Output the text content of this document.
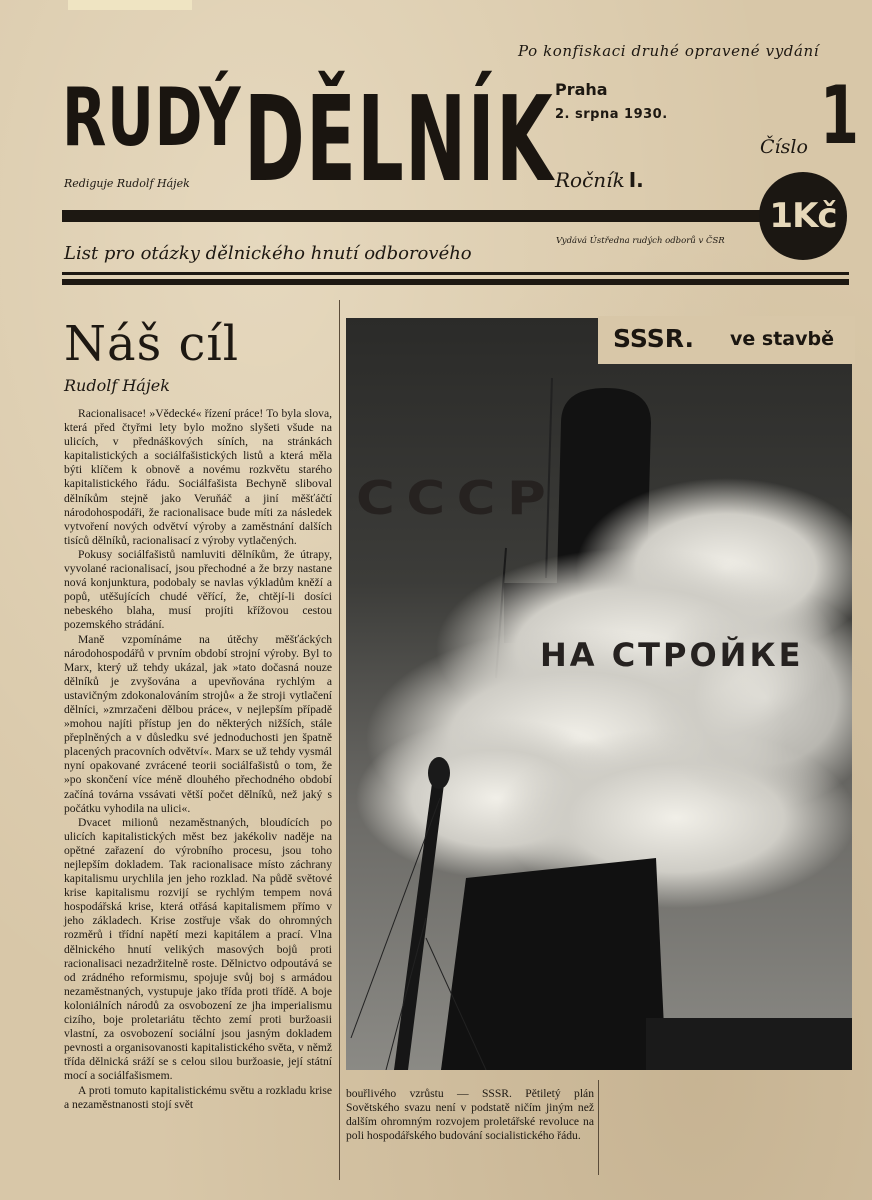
Po konfiskaci druhé opravené vydání
RUDÝ DĚLNÍK
Rediguje Rudolf Hájek
Praha
2. srpna 1930.
Ročník I.
Číslo 1
1Kč
List pro otázky dělnického hnutí odborového
Vydává Ústředna rudých odborů v ČSR
Náš cíl
Rudolf Hájek

Racionalisace! »Vědecké« řízení práce! To byla slova, která před čtyřmi lety bylo možno slyšeti všude na ulicích, v přednáškových síních, na stránkách kapitalistických a sociálfašistických listů a která měla býti klíčem k obnově a novému rozkvětu starého kapitalistického řádu. Sociálfašista Bechyně sliboval dělníkům stejně jako Veruňáč a jiní měšťáčtí národohospodáři, že racionalisace bude míti za následek vytvoření nových odvětví výroby a zaměstnání dalších tisíců dělníků, racionalisací z výroby vytlačených.

Pokusy sociálfašistů namluviti dělníkům, že útrapy, vyvolané racionalisací, jsou přechodné a že brzy nastane nová konjunktura, podobaly se navlas výkladům kněží a popů, utěšujících chudé věřící, že, chtějí-li dosíci nebeského blaha, musí projíti křížovou cestou pozemského strádání.

Maně vzpomínáme na útěchy měšťáckých národohospodářů v prvním období strojní výroby. Byl to Marx, který už tehdy ukázal, jak »tato dočasná nouze dělníků je zvyšována a upevňována rychlým a ustavičným zdokonalováním strojů« a že stroji vytlačení dělníci, »zmrzačeni dělbou práce«, v nejlepším případě »mohou najíti přístup jen do některých nižších, stále přeplněných a v důsledku své jednoduchosti jen špatně placených pracovních odvětví«. Marx se už tehdy vysmál nyní opakované zvrácené teorii sociálfašistů o tom, že »po skončení více méně dlouhého přechodného období začíná továrna vssávati větší počet dělníků, než jaký s počátku vyhodila na ulici«.

Dvacet milionů nezaměstnaných, bloudících po ulicích kapitalistických měst bez jakékoliv naděje na opětné zařazení do výrobního procesu, jsou toho nejlepším dokladem. Tak racionalisace místo záchrany kapitalismu urychlila jen jeho rozklad. Na půdě světové krise kapitalismu rozvijí se rychlým tempem nová hospodářská krise, která otřásá kapitalismem přímo v jeho základech. Krise zostřuje však do ohromných rozměrů i třídní napětí mezi kapitálem a prací. Vlna dělnického hnutí velikých masových bojů proti racionalisaci nezadržitelně roste. Dělnictvo odpoutává se od zrádného reformismu, spojuje svůj boj s armádou nezaměstnaných, vystupuje jako třída proti třídě. A boje koloniálních národů za osvobození ze jha imperialismu cizího, boje proletariátu těchto zemí proti buržoasii vlastní, za osvobození sociální jsou jasným dokladem pevnosti a organisovanosti kapitalistického světa, v němž třída dělnická sráží se s celou silou buržoasie, její státní mocí a sociálfašismem.

A proti tomuto kapitalistickému světu a rozkladu krise a nezaměstnanosti stojí svět

СССР
НА СТРОЙКЕ
SSSR. ve stavbě

bouřlivého vzrůstu — SSSR. Pětiletý plán Sovětského svazu není v podstatě ničím jiným než dalším ohromným rozvojem proletářské revoluce na poli hospodářského budování socialistického řádu.
